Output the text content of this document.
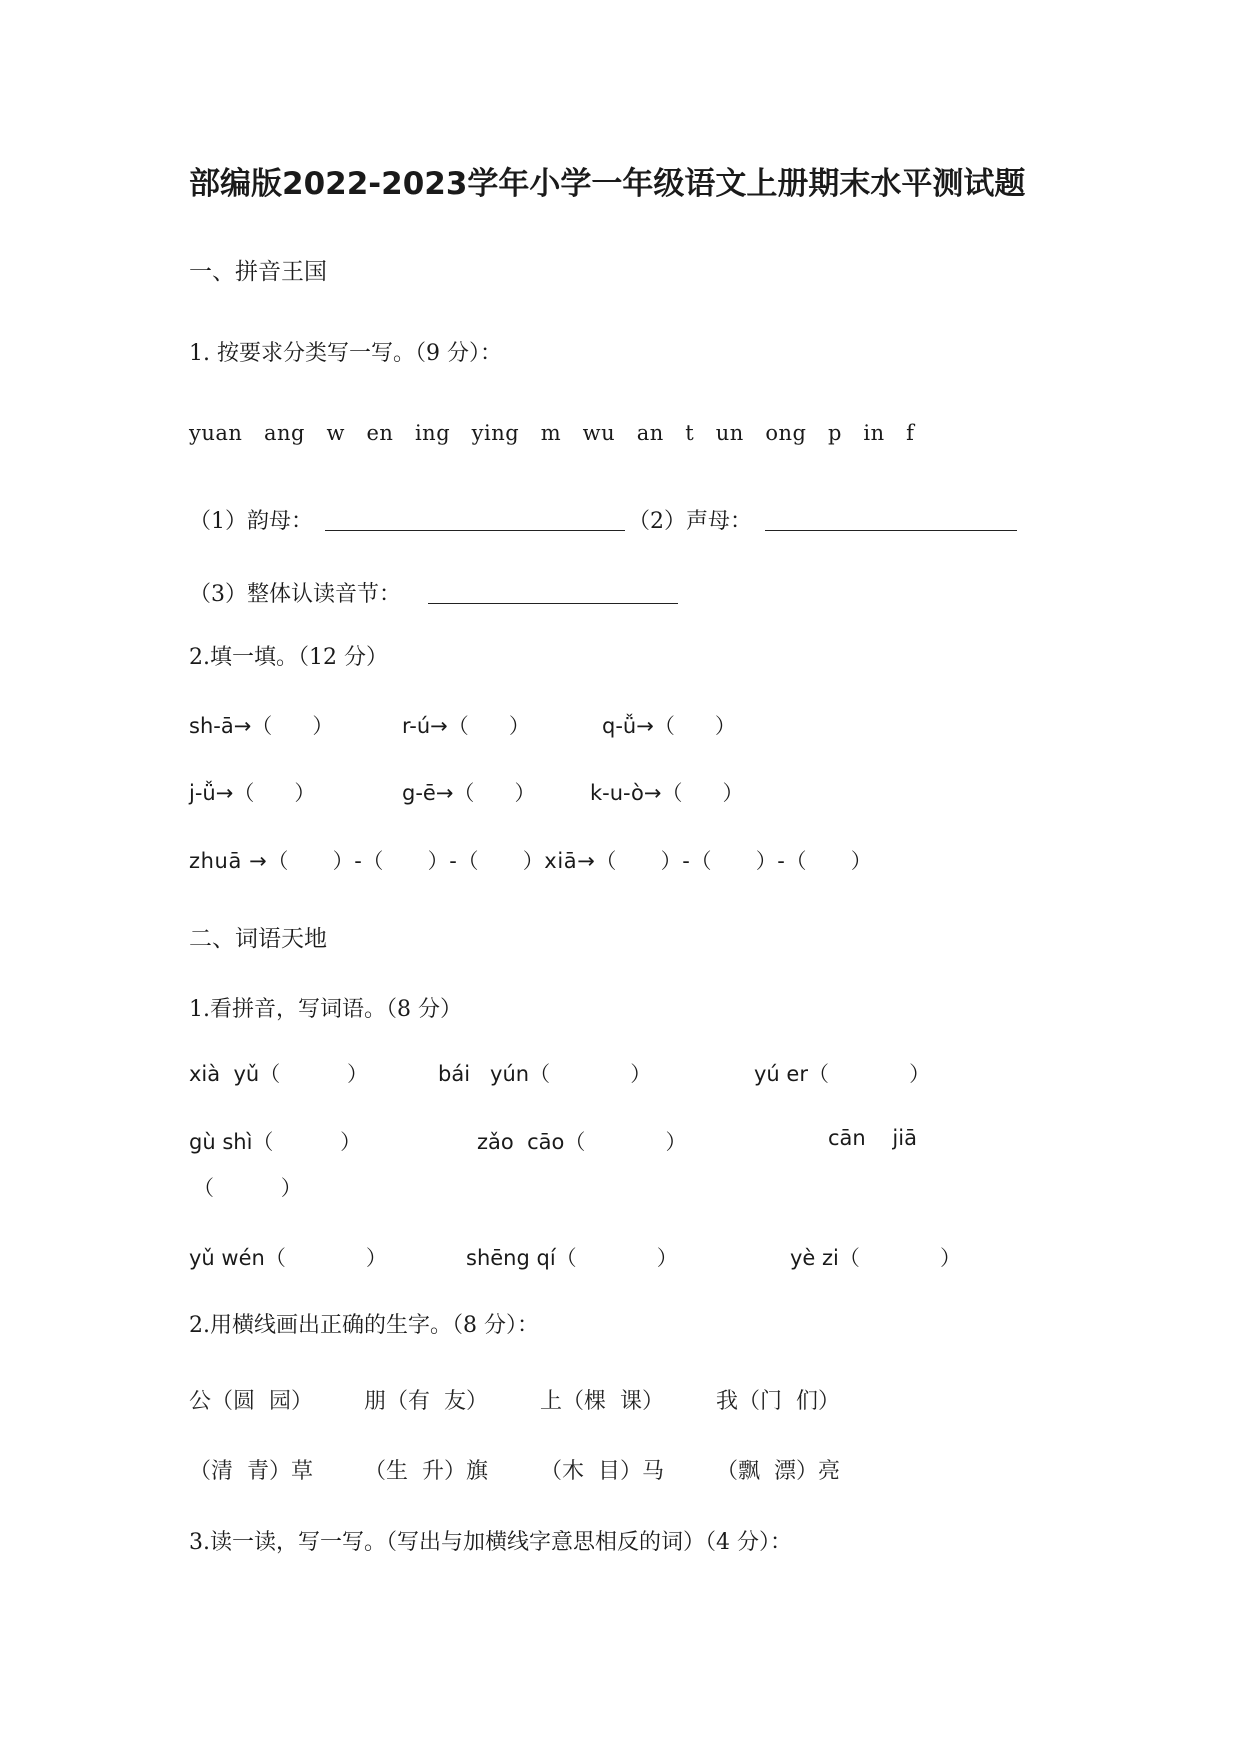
部编版2022-2023学年小学一年级语文上册期末水平测试题
一、拼音王国
1. 按要求分类写一写。（9 分）：
yuan   ang   w   en   ing   ying   m   wu   an   t   un   ong   p   in   f
（1）韵母：	（2）声母：
（3）整体认读音节：
2.填一填。（12 分）
sh-ā→（      ）	r-ú→（      ）	q-ǚ→（      ）
j-ǚ→（      ）	g-ē→（      ）	k-u-ò→（      ）
zhuā →（      ）-（      ）-（      ）xiā→（      ）-（      ）-（      ）
二、词语天地
1.看拼音，写词语。（8 分）
xià  yǔ（          ）	bái   yún（            ）	yú er（            ）
gù shì（          ）	zǎo  cāo（            ）	cān    jiā
（          ）
yǔ wén（            ）	shēng qí（            ）	yè zi（            ）
2.用横线画出正确的生字。（8 分）：
公（圆  园） 朋（有  友） 上（棵  课） 我（门  们）
（清  青）草 （生  升）旗 （木  目）马 （飘  漂）亮
3.读一读，写一写。（写出与加横线字意思相反的词）（4 分）：
